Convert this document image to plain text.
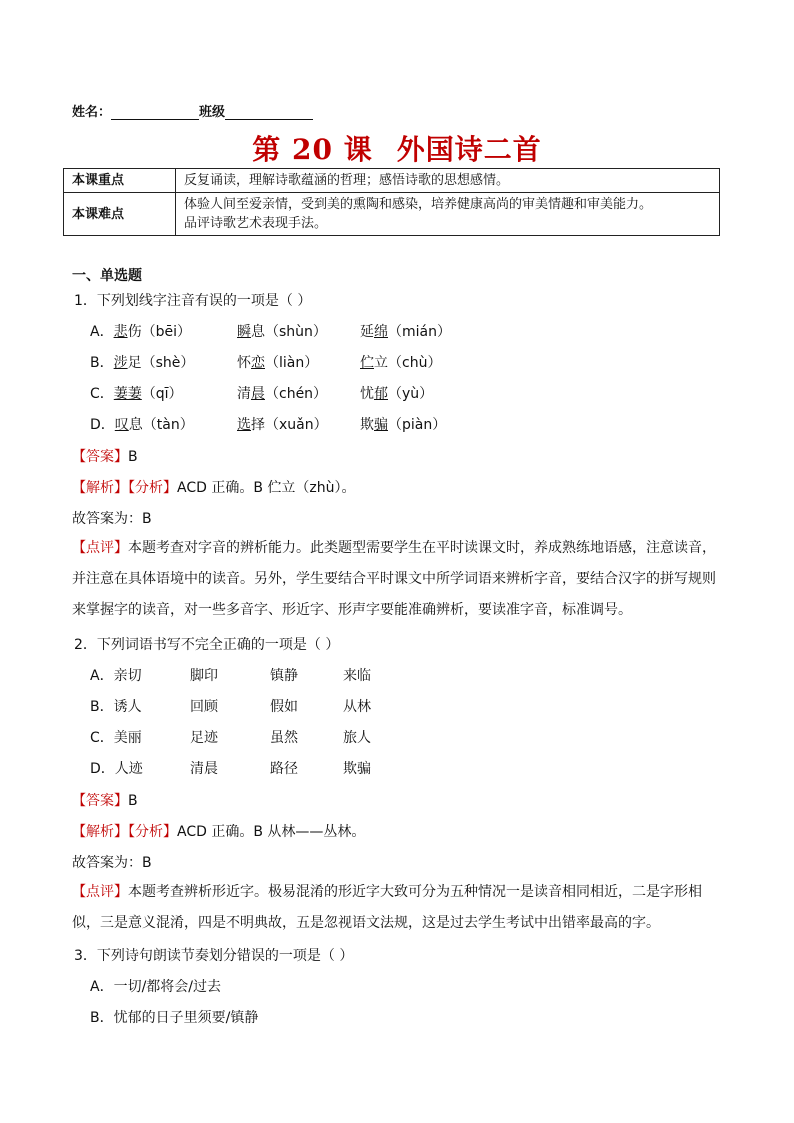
姓名：	班级
第 20 课 外国诗二首
本课重点	反复诵读，理解诗歌蕴涵的哲理；感悟诗歌的思想感情。
本课难点	体验人间至爱亲情，受到美的熏陶和感染，培养健康高尚的审美情趣和审美能力。
品评诗歌艺术表现手法。
一、单选题
1．下列划线字注音有误的一项是（ ）
A．悲伤（bēi）	瞬息（shùn） 延绵（mián）
B．涉足（shè）	怀恋（liàn）	伫立（chù）
C．萋萋（qī）	清晨（chén） 忧郁（yù）
D．叹息（tàn）	选择（xuǎn） 欺骗（piàn）
【答案】B
【解析】【分析】ACD 正确。B 伫立（zhù）。
故答案为：B
【点评】本题考查对字音的辨析能力。此类题型需要学生在平时读课文时，养成熟练地语感，注意读音，并注意在具体语境中的读音。另外，学生要结合平时课文中所学词语来辨析字音，要结合汉字的拼写规则来掌握字的读音，对一些多音字、形近字、形声字要能准确辨析，要读准字音，标准调号。
2．下列词语书写不完全正确的一项是（ ）
A．亲切	脚印	镇静	来临
B．诱人	回顾	假如	从林
C．美丽	足迹	虽然	旅人
D．人迹	清晨	路径	欺骗
【答案】B
【解析】【分析】ACD 正确。B 从林——丛林。
故答案为：B
【点评】本题考查辨析形近字。极易混淆的形近字大致可分为五种情况一是读音相同相近，二是字形相似，三是意义混淆，四是不明典故，五是忽视语文法规，这是过去学生考试中出错率最高的字。
3．下列诗句朗读节奏划分错误的一项是（ ）
A．一切/都将会/过去
B．忧郁的日子里须要/镇静
